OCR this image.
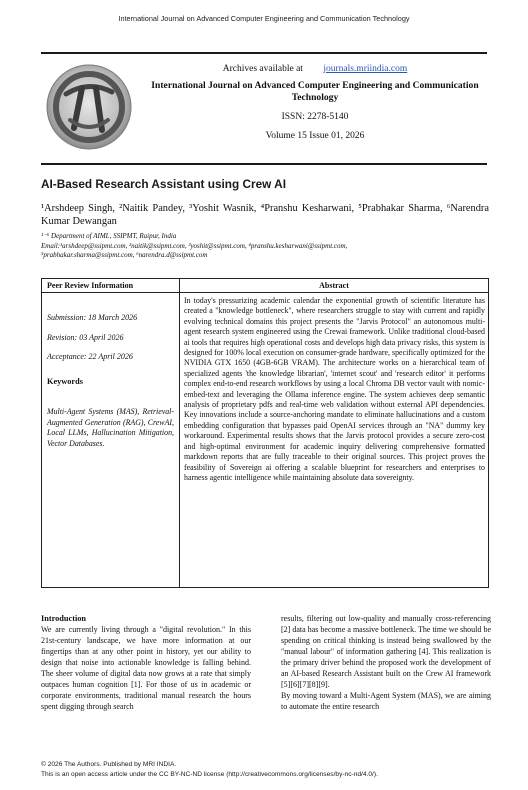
International Journal on Advanced Computer Engineering and Communication Technology
Archives available at journals.mriindia.com
International Journal on Advanced Computer Engineering and Communication Technology
ISSN: 2278-5140
Volume 15 Issue 01, 2026
AI-Based Research Assistant using Crew AI
¹Arshdeep Singh, ²Naitik Pandey, ³Yoshit Wasnik, ⁴Pranshu Kesharwani, ⁵Prabhakar Sharma, ⁶Narendra Kumar Dewangan
¹⁻⁶ Department of AIML, SSIPMT, Raipur, India
Email:¹arshdeep@ssipmt.com, ²naitik@ssipmt.com, ³yoshit@ssipmt.com, ⁴pranshu.kesharwani@ssipmt.com,
⁵prabhakar.sharma@ssipmt.com, ⁶narendra.d@ssipmt.com
Peer Review Information	Abstract
Submission: 18 March 2026
Revision: 03 April 2026
Acceptance: 22 April 2026
Keywords
Multi-Agent Systems (MAS), Retrieval-Augmented Generation (RAG), CrewAI, Local LLMs, Hallucination Mitigation, Vector Databases.
In today's pressurizing academic calendar the exponential growth of scientific literature has created a "knowledge bottleneck", where researchers struggle to stay with current and rapidly evolving technical domains this project presents the "Jarvis Protocol" an autonomous multi-agent research system engineered using the Crewai framework. Unlike traditional cloud-based ai tools that requires high operational costs and develops high data privacy risks, this system is designed for 100% local execution on consumer-grade hardware, specifically optimized for the NVIDIA GTX 1650 (4GB-6GB VRAM). The architecture works on a hierarchical team of specialized agents 'the knowledge librarian', 'internet scout' and 'research editor' it performs complex end-to-end research workflows by using a local Chroma DB vector vault with nomic-embed-text and leveraging the Ollama inference engine. The system achieves deep semantic analysis of proprietary pdfs and real-time web validation without external API dependencies. Key innovations include a source-anchoring mandate to eliminate hallucinations and a custom embedding configuration that bypasses paid OpenAI services through an "NA" dummy key workaround. Experimental results shows that the Jarvis protocol provides a secure zero-cost and high-optimal environment for academic inquiry delivering comprehensive formatted markdown reports that are fully traceable to their original sources. This project proves the feasibility of Sovereign ai offering a scalable blueprint for researchers and enterprises to harness agentic intelligence while maintaining absolute data sovereignty.
Introduction
We are currently living through a "digital revolution." In this 21st-century landscape, we have more information at our fingertips than at any other point in history, yet our ability to design that noise into actionable knowledge is falling behind. The sheer volume of digital data now grows at a rate that simply outpaces human cognition [1]. For those of us in academic or corporate environments, traditional manual research the hours spent digging through search
results, filtering out low-quality and manually cross-referencing [2] data has become a massive bottleneck. The time we should be spending on critical thinking is instead being swallowed by the "manual labour" of information gathering [4]. This realization is the primary driver behind the proposed work the development of an AI-based Research Assistant built on the Crew AI framework [5][6][7][8][9].
By moving toward a Multi-Agent System (MAS), we are aiming to automate the entire research
© 2026 The Authors. Published by MRI INDIA.
This is an open access article under the CC BY-NC-ND license (http://creativecommons.org/licenses/by-nc-nd/4.0/).
